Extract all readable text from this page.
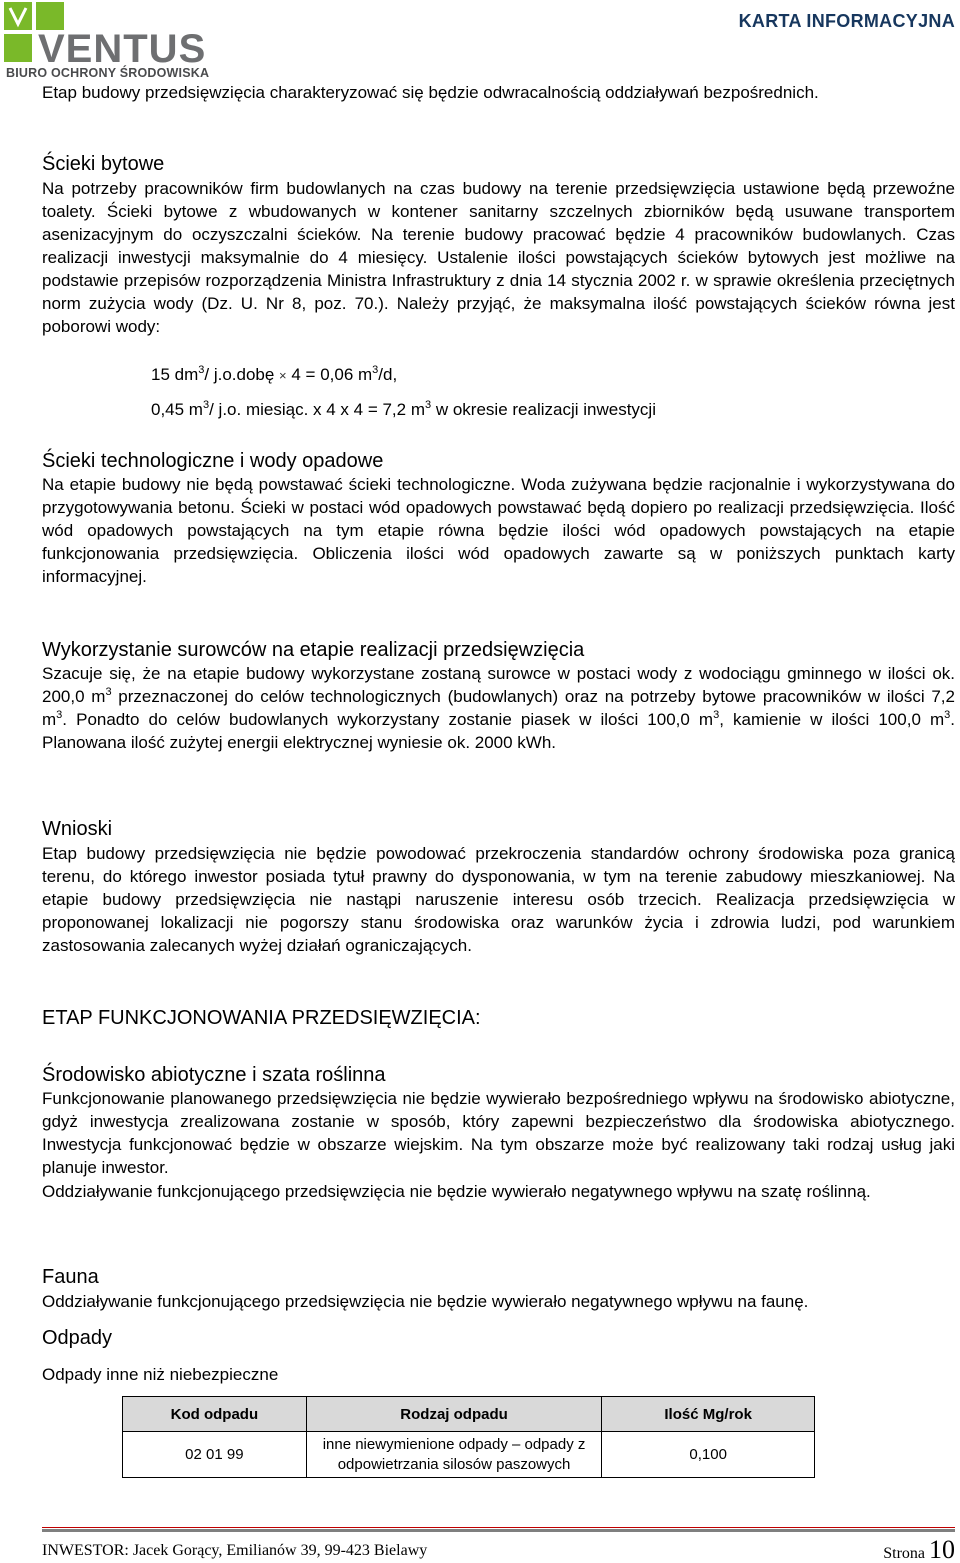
VENTUS
BIURO OCHRONY ŚRODOWISKA
KARTA INFORMACYJNA
Etap budowy przedsięwzięcia charakteryzować się będzie odwracalnością oddziaływań bezpośrednich.
Ścieki bytowe
Na potrzeby pracowników firm budowlanych na czas budowy na terenie przedsięwzięcia ustawione będą przewoźne toalety. Ścieki bytowe z wbudowanych w kontener sanitarny szczelnych zbiorników będą usuwane transportem asenizacyjnym do oczyszczalni ścieków. Na terenie budowy pracować będzie 4 pracowników budowlanych. Czas realizacji inwestycji maksymalnie do 4 miesięcy. Ustalenie ilości powstających ścieków bytowych jest możliwe na podstawie przepisów rozporządzenia Ministra Infrastruktury z dnia 14 stycznia 2002 r. w sprawie określenia przeciętnych norm zużycia wody (Dz. U. Nr 8, poz. 70.). Należy przyjąć, że maksymalna ilość powstających ścieków równa jest poborowi wody:
15 $dm^3/$ j.o.dobę × 4 = 0,06 $m^3/d$,
0,45 $m^3/$ j.o. miesiąc. x 4 x 4 = 7,2 $m^3$ w okresie realizacji inwestycji
Ścieki technologiczne i wody opadowe
Na etapie budowy nie będą powstawać ścieki technologiczne. Woda zużywana będzie racjonalnie i wykorzystywana do przygotowywania betonu. Ścieki w postaci wód opadowych powstawać będą dopiero po realizacji przedsięwzięcia. Ilość wód opadowych powstających na tym etapie równa będzie ilości wód opadowych powstających na etapie funkcjonowania przedsięwzięcia. Obliczenia ilości wód opadowych zawarte są w poniższych punktach karty informacyjnej.
Wykorzystanie surowców na etapie realizacji przedsięwzięcia
Szacuje się, że na etapie budowy wykorzystane zostaną surowce w postaci wody z wodociągu gminnego w ilości ok. 200,0 $m^3$ przeznaczonej do celów technologicznych (budowlanych) oraz na potrzeby bytowe pracowników w ilości 7,2 $m^3$. Ponadto do celów budowlanych wykorzystany zostanie piasek w ilości 100,0 $m^3$, kamienie w ilości 100,0 $m^3$. Planowana ilość zużytej energii elektrycznej wyniesie ok. 2000 kWh.
Wnioski
Etap budowy przedsięwzięcia nie będzie powodować przekroczenia standardów ochrony środowiska poza granicą terenu, do którego inwestor posiada tytuł prawny do dysponowania, w tym na terenie zabudowy mieszkaniowej. Na etapie budowy przedsięwzięcia nie nastąpi naruszenie interesu osób trzecich. Realizacja przedsięwzięcia w proponowanej lokalizacji nie pogorszy stanu środowiska oraz warunków życia i zdrowia ludzi, pod warunkiem zastosowania zalecanych wyżej działań ograniczających.
ETAP FUNKCJONOWANIA PRZEDSIĘWZIĘCIA:
Środowisko abiotyczne i szata roślinna
Funkcjonowanie planowanego przedsięwzięcia nie będzie wywierało bezpośredniego wpływu na środowisko abiotyczne, gdyż inwestycja zrealizowana zostanie w sposób, który zapewni bezpieczeństwo dla środowiska abiotycznego. Inwestycja funkcjonować będzie w obszarze wiejskim. Na tym obszarze może być realizowany taki rodzaj usług jaki planuje inwestor.
Oddziaływanie funkcjonującego przedsięwzięcia nie będzie wywierało negatywnego wpływu na szatę roślinną.
Fauna
Oddziaływanie funkcjonującego przedsięwzięcia nie będzie wywierało negatywnego wpływu na faunę.
Odpady
Odpady inne niż niebezpieczne
Kod odpadu	Rodzaj odpadu	Ilość Mg/rok
02 01 99	inne niewymienione odpady – odpady z odpowietrzania silosów paszowych	0,100
INWESTOR: Jacek Gorący, Emilianów 39, 99-423 Bielawy	Strona 10
